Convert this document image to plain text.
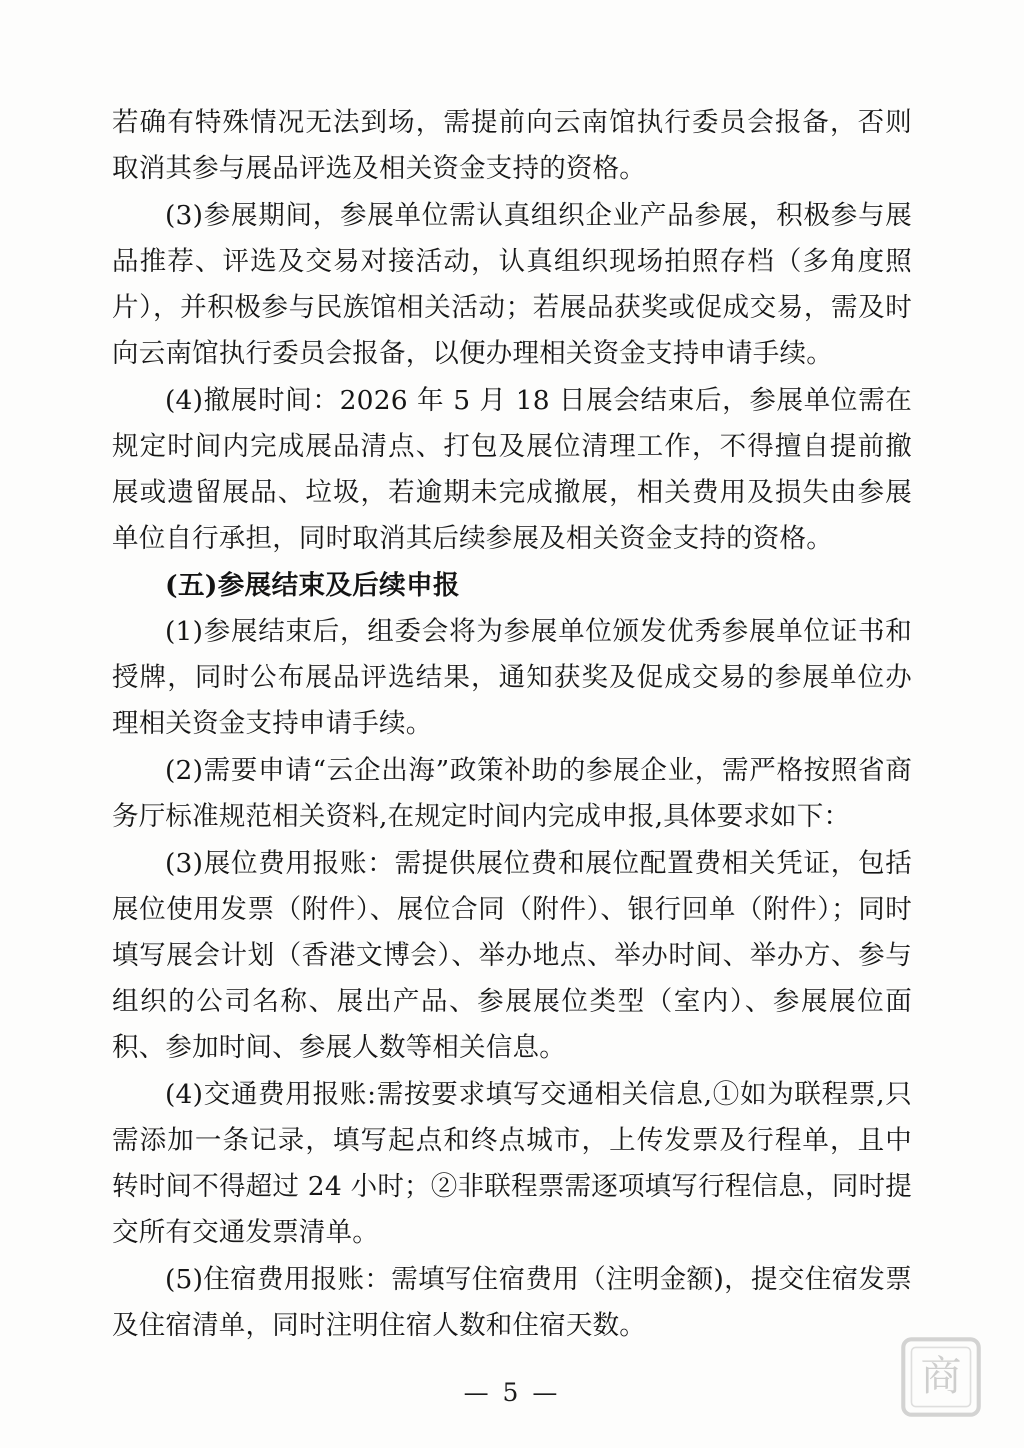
若确有特殊情况无法到场，需提前向云南馆执行委员会报备，否则取消其参与展品评选及相关资金支持的资格。

(3)参展期间，参展单位需认真组织企业产品参展，积极参与展品推荐、评选及交易对接活动，认真组织现场拍照存档（多角度照片），并积极参与民族馆相关活动；若展品获奖或促成交易，需及时向云南馆执行委员会报备，以便办理相关资金支持申请手续。

(4)撤展时间：2026 年 5 月 18 日展会结束后，参展单位需在规定时间内完成展品清点、打包及展位清理工作，不得擅自提前撤展或遗留展品、垃圾，若逾期未完成撤展，相关费用及损失由参展单位自行承担，同时取消其后续参展及相关资金支持的资格。

(五)参展结束及后续申报

(1)参展结束后，组委会将为参展单位颁发优秀参展单位证书和授牌，同时公布展品评选结果，通知获奖及促成交易的参展单位办理相关资金支持申请手续。

(2)需要申请“云企出海”政策补助的参展企业，需严格按照省商务厅标准规范相关资料,在规定时间内完成申报,具体要求如下：

(3)展位费用报账：需提供展位费和展位配置费相关凭证，包括展位使用发票（附件）、展位合同（附件）、银行回单（附件）；同时填写展会计划（香港文博会）、举办地点、举办时间、举办方、参与组织的公司名称、展出产品、参展展位类型（室内）、参展展位面积、参加时间、参展人数等相关信息。

(4)交通费用报账:需按要求填写交通相关信息,①如为联程票,只需添加一条记录，填写起点和终点城市，上传发票及行程单，且中转时间不得超过 24 小时；②非联程票需逐项填写行程信息，同时提交所有交通发票清单。

(5)住宿费用报账：需填写住宿费用（注明金额)，提交住宿发票及住宿清单，同时注明住宿人数和住宿天数。

— 5 —	商
